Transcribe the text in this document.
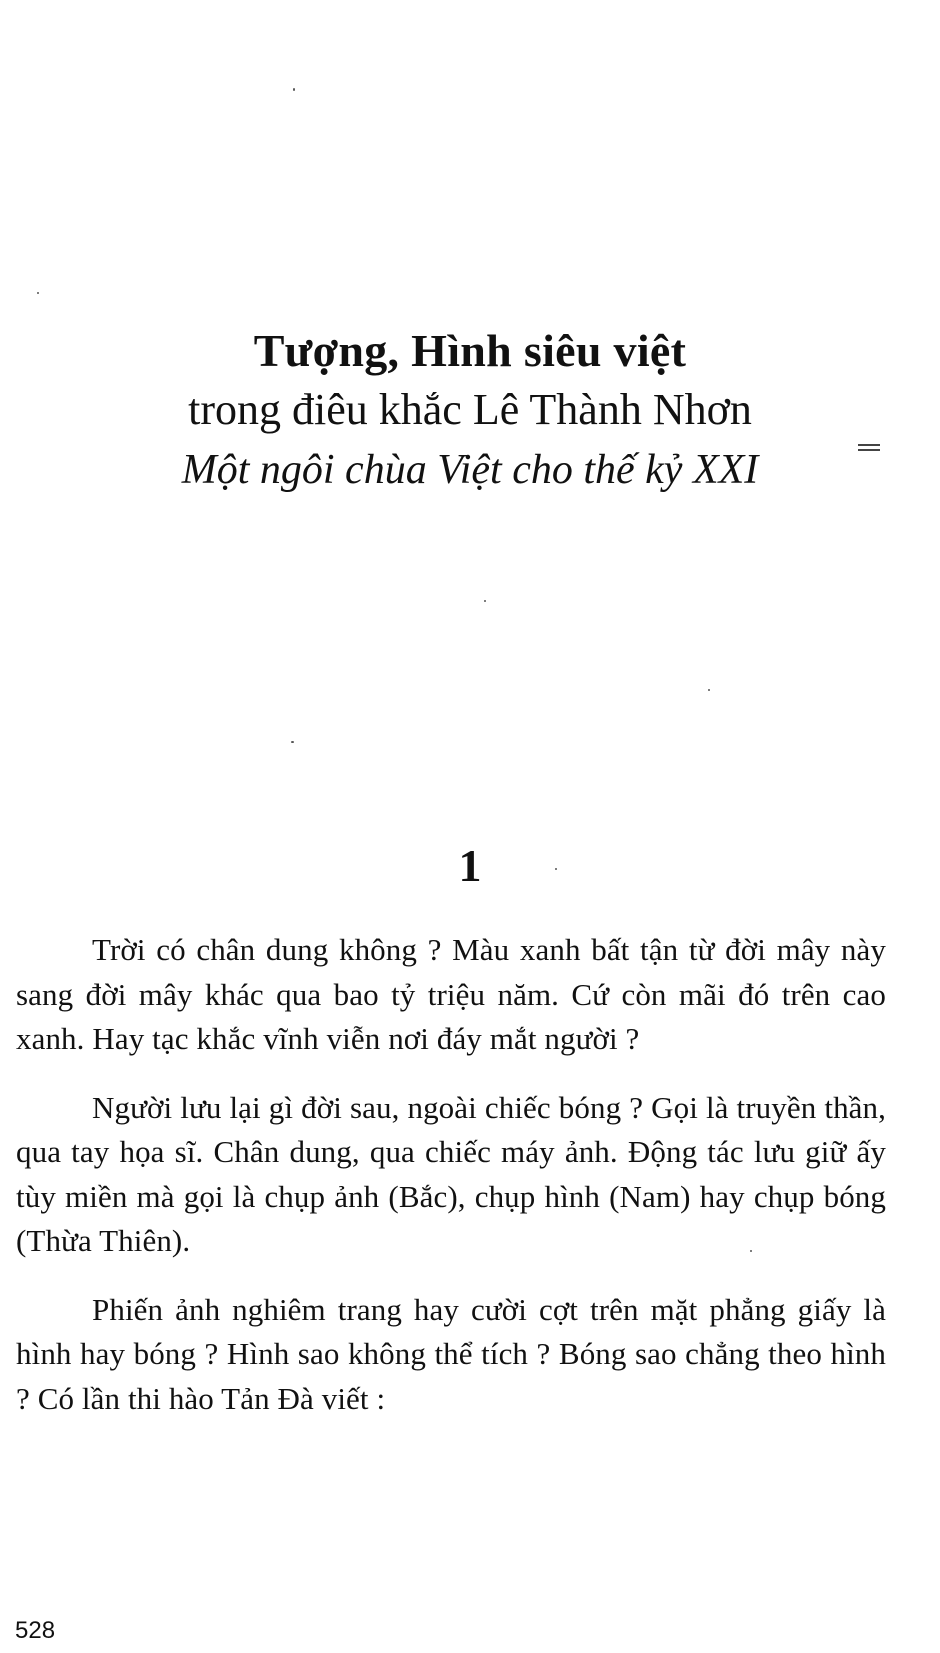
Tượng, Hình siêu việt

trong điêu khắc Lê Thành Nhơn

Một ngôi chùa Việt cho thế kỷ XXI

1

Trời có chân dung không ? Màu xanh bất tận từ đời mây này sang đời mây khác qua bao tỷ triệu năm. Cứ còn mãi đó trên cao xanh. Hay tạc khắc vĩnh viễn nơi đáy mắt người ?

Người lưu lại gì đời sau, ngoài chiếc bóng ? Gọi là truyền thần, qua tay họa sĩ. Chân dung, qua chiếc máy ảnh. Động tác lưu giữ ấy tùy miền mà gọi là chụp ảnh (Bắc), chụp hình (Nam) hay chụp bóng (Thừa Thiên).

Phiến ảnh nghiêm trang hay cười cợt trên mặt phẳng giấy là hình hay bóng ? Hình sao không thể tích ? Bóng sao chẳng theo hình ? Có lần thi hào Tản Đà viết :

528
